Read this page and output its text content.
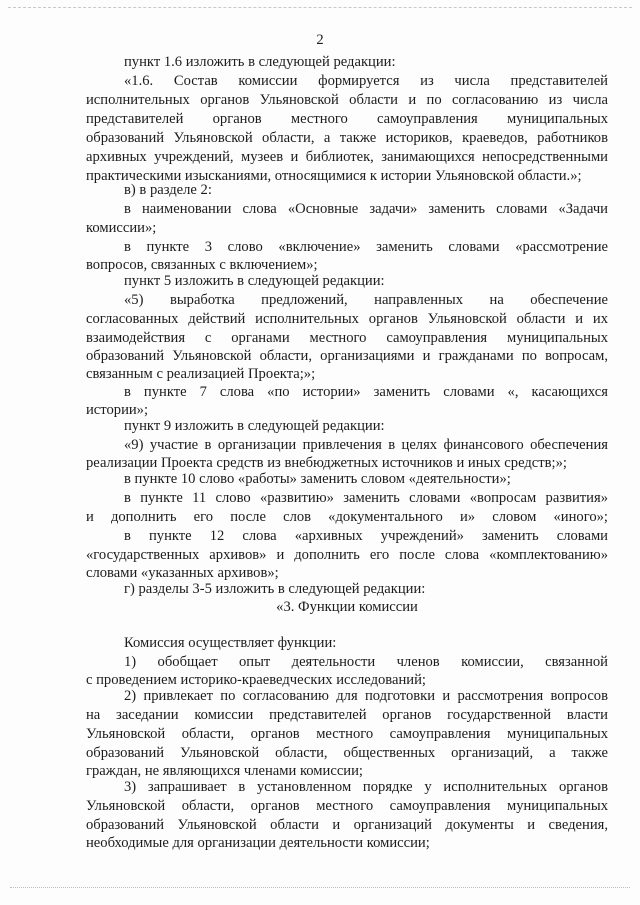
2
пункт 1.6 изложить в следующей редакции:
«1.6. Состав комиссии формируется из числа представителей
исполнительных органов Ульяновской области и по согласованию из числа
представителей органов местного самоуправления муниципальных
образований Ульяновской области, а также историков, краеведов, работников
архивных учреждений, музеев и библиотек, занимающихся непосредственными
практическими изысканиями, относящимися к истории Ульяновской области.»;
в) в разделе 2:
в наименовании слова «Основные задачи» заменить словами «Задачи
комиссии»;
в пункте 3 слово «включение» заменить словами «рассмотрение
вопросов, связанных с включением»;
пункт 5 изложить в следующей редакции:
«5) выработка предложений, направленных на обеспечение
согласованных действий исполнительных органов Ульяновской области и их
взаимодействия с органами местного самоуправления муниципальных
образований Ульяновской области, организациями и гражданами по вопросам,
связанным с реализацией Проекта;»;
в пункте 7 слова «по истории» заменить словами «, касающихся
истории»;
пункт 9 изложить в следующей редакции:
«9) участие в организации привлечения в целях финансового обеспечения
реализации Проекта средств из внебюджетных источников и иных средств;»;
в пункте 10 слово «работы» заменить словом «деятельности»;
в пункте 11 слово «развитию» заменить словами «вопросам развития»
и дополнить его после слов «документального и» словом «иного»;
в пункте 12 слова «архивных учреждений» заменить словами
«государственных архивов» и дополнить его после слова «комплектованию»
словами «указанных архивов»;
г) разделы 3-5 изложить в следующей редакции:
«3. Функции комиссии
Комиссия осуществляет функции:
1) обобщает опыт деятельности членов комиссии, связанной
с проведением историко-краеведческих исследований;
2) привлекает по согласованию для подготовки и рассмотрения вопросов
на заседании комиссии представителей органов государственной власти
Ульяновской области, органов местного самоуправления муниципальных
образований Ульяновской области, общественных организаций, а также
граждан, не являющихся членами комиссии;
3) запрашивает в установленном порядке у исполнительных органов
Ульяновской области, органов местного самоуправления муниципальных
образований Ульяновской области и организаций документы и сведения,
необходимые для организации деятельности комиссии;
